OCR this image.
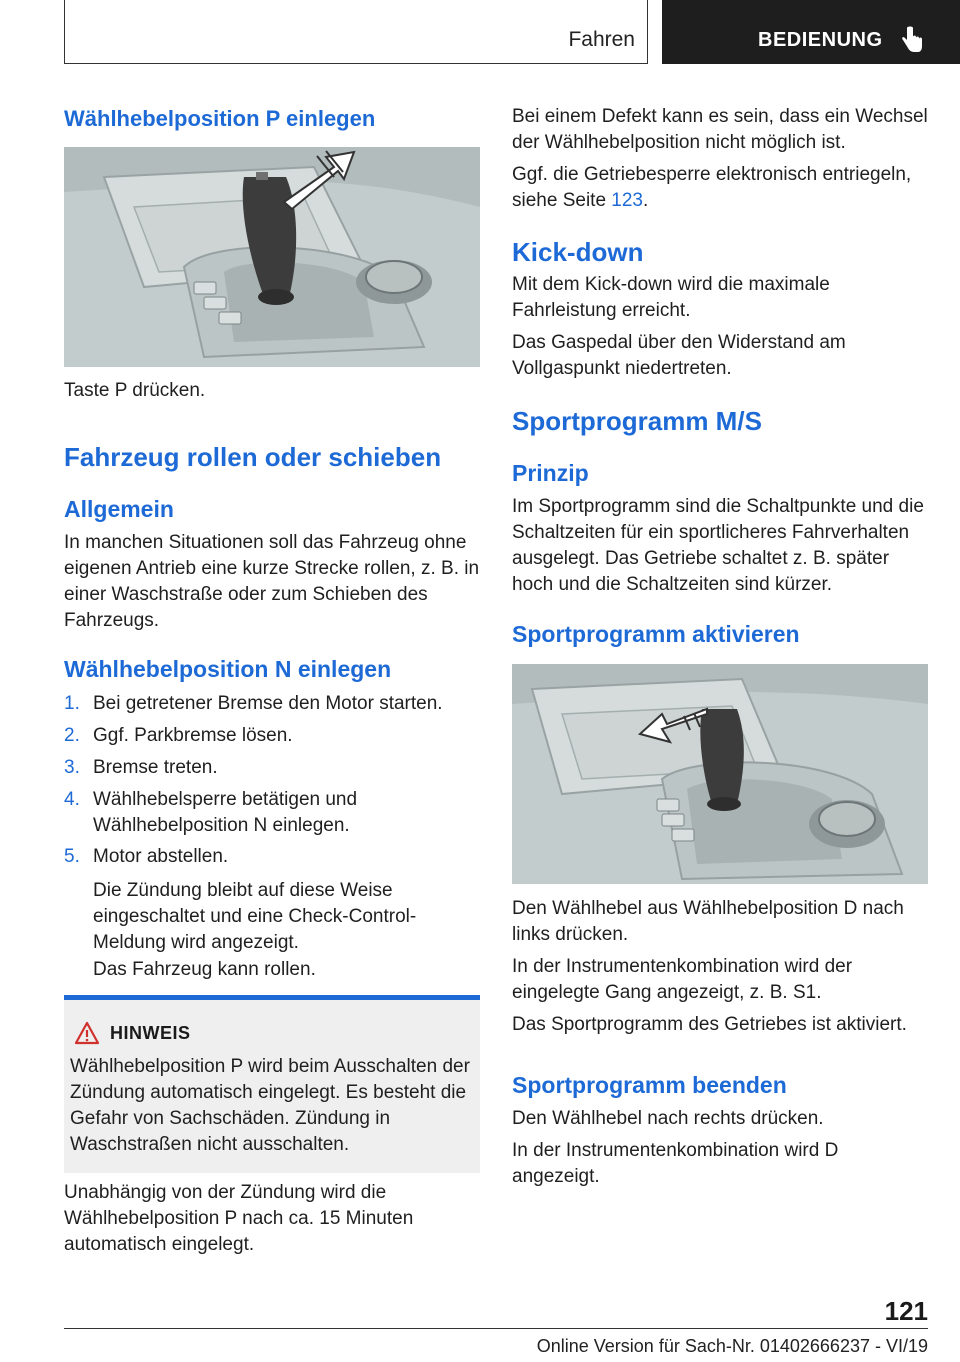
Fahren	BEDIENUNG
Wählhebelposition P einlegen

Taste P drücken.

Fahrzeug rollen oder schieben
Allgemein

In manchen Situationen soll das Fahrzeug ohne eigenen Antrieb eine kurze Strecke rollen, z. B. in einer Waschstraße oder zum Schieben des Fahrzeugs.

Wählhebelposition N einlegen
1. Bei getretener Bremse den Motor starten.
2. Ggf. Parkbremse lösen.
3. Bremse treten.
4. Wählhebelsperre betätigen und Wählhebelposition N einlegen.
5. Motor abstellen.

Die Zündung bleibt auf diese Weise eingeschaltet und eine Check-Control-Meldung wird angezeigt.

Das Fahrzeug kann rollen.

HINWEIS
Wählhebelposition P wird beim Ausschalten der Zündung automatisch eingelegt. Es besteht die Gefahr von Sachschäden. Zündung in Waschstraßen nicht ausschalten.

Unabhängig von der Zündung wird die Wählhebelposition P nach ca. 15 Minuten automatisch eingelegt.

Bei einem Defekt kann es sein, dass ein Wechsel der Wählhebelposition nicht möglich ist.

Ggf. die Getriebesperre elektronisch entriegeln, siehe Seite 123.

Kick-down

Mit dem Kick-down wird die maximale Fahrleistung erreicht.

Das Gaspedal über den Widerstand am Vollgaspunkt niedertreten.

Sportprogramm M/S
Prinzip

Im Sportprogramm sind die Schaltpunkte und die Schaltzeiten für ein sportlicheres Fahrverhalten ausgelegt. Das Getriebe schaltet z. B. später hoch und die Schaltzeiten sind kürzer.

Sportprogramm aktivieren

Den Wählhebel aus Wählhebelposition D nach links drücken.

In der Instrumentenkombination wird der eingelegte Gang angezeigt, z. B. S1.

Das Sportprogramm des Getriebes ist aktiviert.

Sportprogramm beenden

Den Wählhebel nach rechts drücken.

In der Instrumentenkombination wird D angezeigt.

121
Online Version für Sach-Nr. 01402666237 - VI/19
